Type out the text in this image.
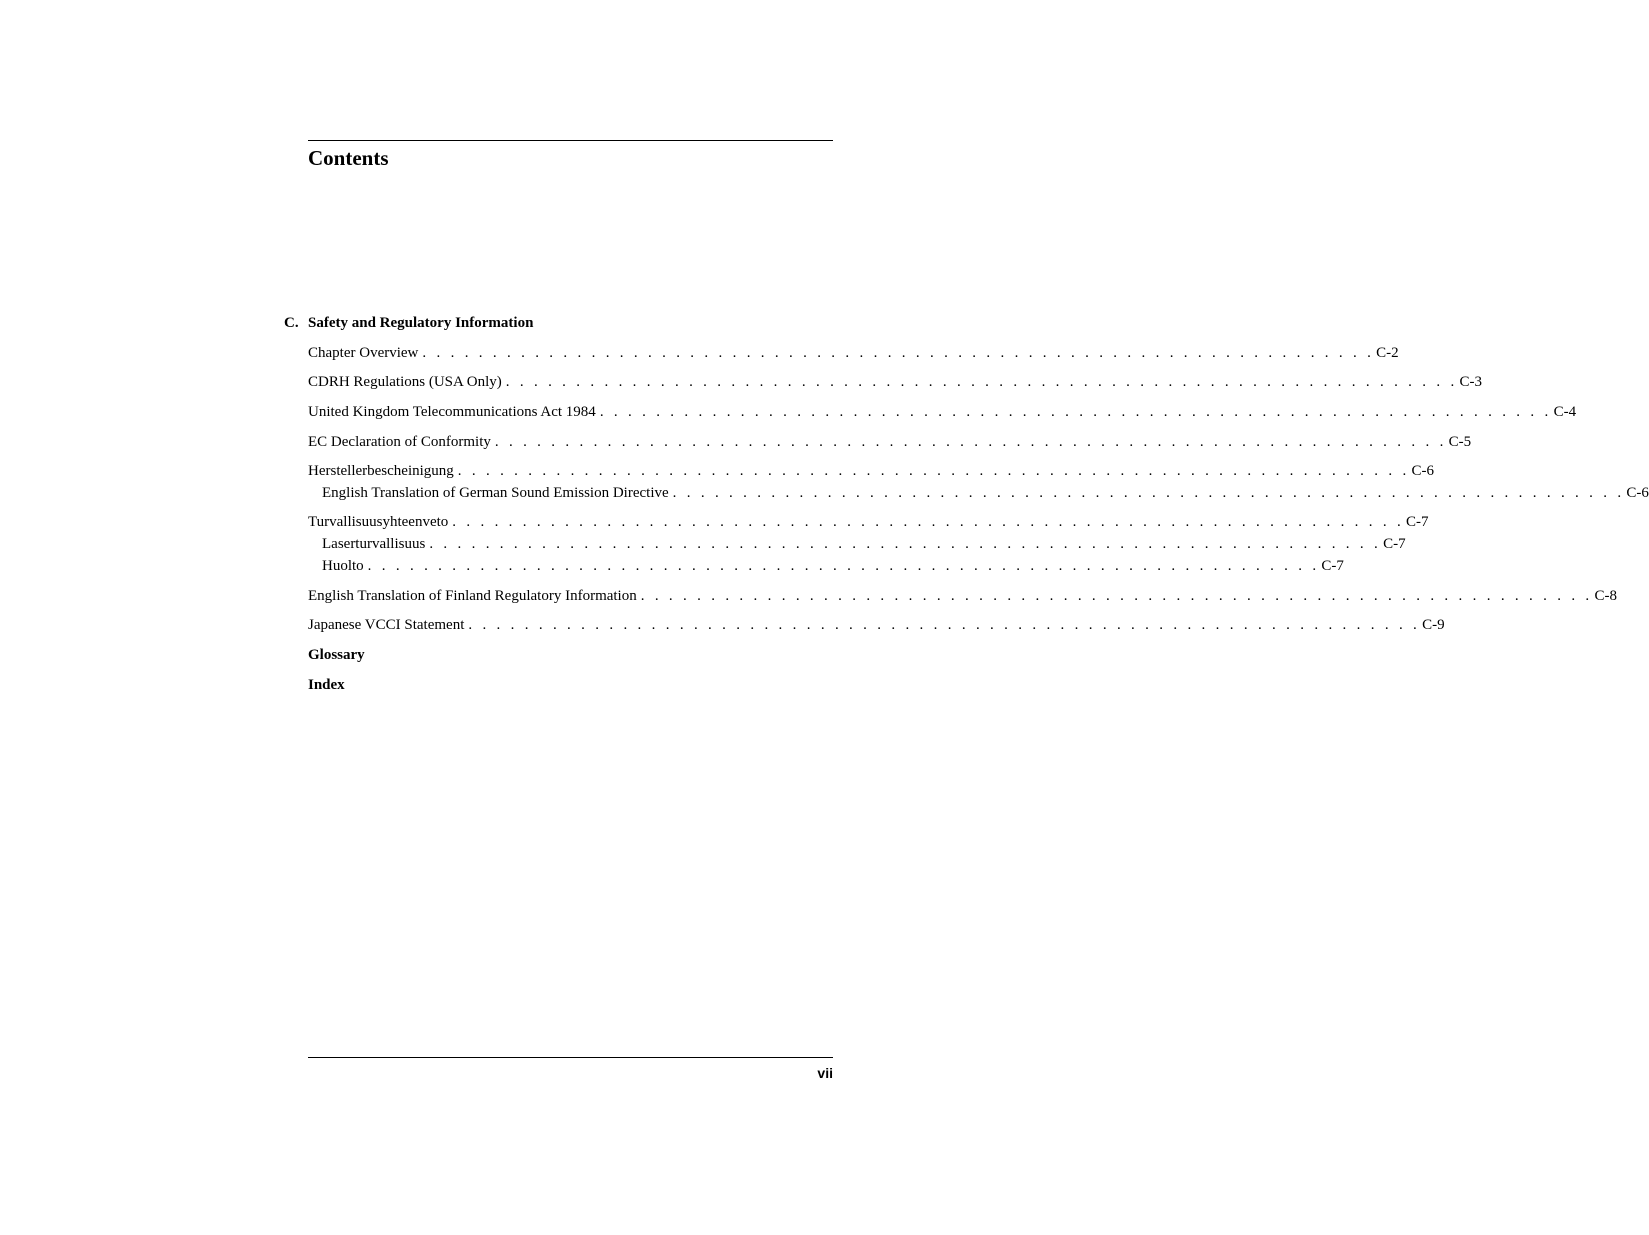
Contents
C. Safety and Regulatory Information
Chapter Overview . . . . . . . . . . . . . . . . . . . . . . . . . . . . . . . . . . . . . . . . . . . . . . . . . . . . . . . . . . . . . . . . . . . . C-2
CDRH Regulations (USA Only) . . . . . . . . . . . . . . . . . . . . . . . . . . . . . . . . . . . . . . . . . . . . . . . . . . . . . . . . . . . . . . . . . . . . C-3
United Kingdom Telecommunications Act 1984 . . . . . . . . . . . . . . . . . . . . . . . . . . . . . . . . . . . . . . . . . . . . . . . . . . . . . . . . . . . . . . . . . . . . C-4
EC Declaration of Conformity . . . . . . . . . . . . . . . . . . . . . . . . . . . . . . . . . . . . . . . . . . . . . . . . . . . . . . . . . . . . . . . . . . . . C-5
Herstellerbescheinigung . . . . . . . . . . . . . . . . . . . . . . . . . . . . . . . . . . . . . . . . . . . . . . . . . . . . . . . . . . . . . . . . . . . . C-6
English Translation of German Sound Emission Directive . . . . . . . . . . . . . . . . . . . . . . . . . . . . . . . . . . . . . . . . . . . . . . . . . . . . . . . . . . . . . . . . . . . . C-6
Turvallisuusyhteenveto . . . . . . . . . . . . . . . . . . . . . . . . . . . . . . . . . . . . . . . . . . . . . . . . . . . . . . . . . . . . . . . . . . . . C-7
Laserturvallisuus . . . . . . . . . . . . . . . . . . . . . . . . . . . . . . . . . . . . . . . . . . . . . . . . . . . . . . . . . . . . . . . . . . . . C-7
Huolto . . . . . . . . . . . . . . . . . . . . . . . . . . . . . . . . . . . . . . . . . . . . . . . . . . . . . . . . . . . . . . . . . . . . C-7
English Translation of Finland Regulatory Information . . . . . . . . . . . . . . . . . . . . . . . . . . . . . . . . . . . . . . . . . . . . . . . . . . . . . . . . . . . . . . . . . . . . C-8
Japanese VCCI Statement . . . . . . . . . . . . . . . . . . . . . . . . . . . . . . . . . . . . . . . . . . . . . . . . . . . . . . . . . . . . . . . . . . . . C-9
Glossary
Index
vii
